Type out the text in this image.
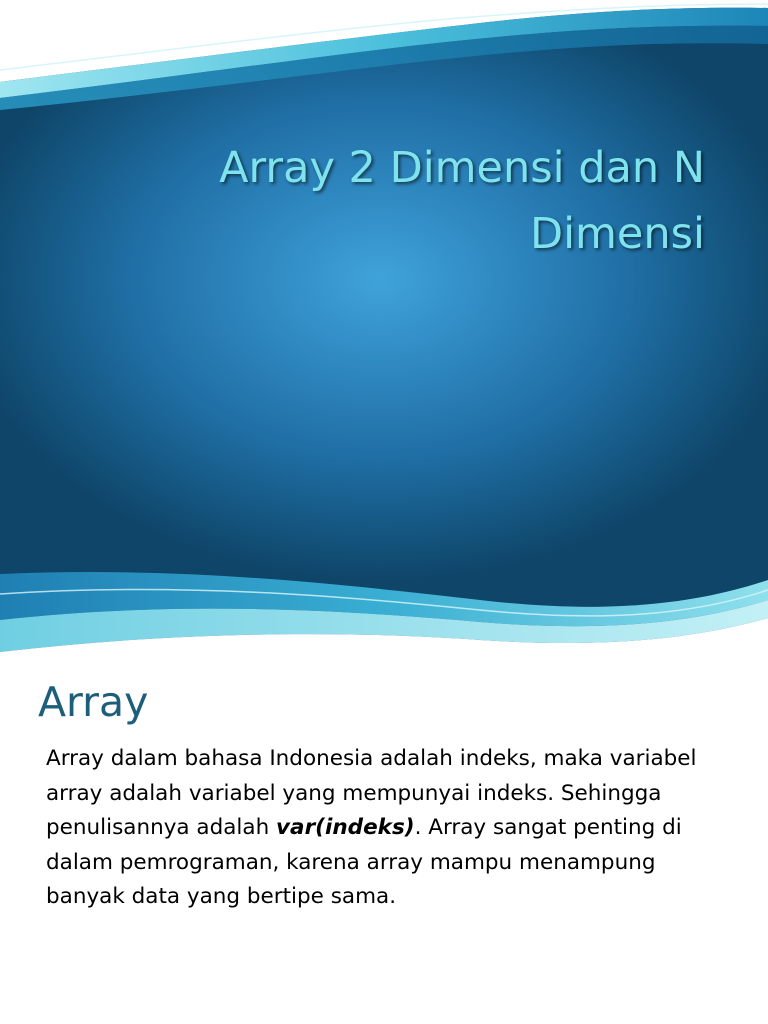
Array 2 Dimensi dan N
Dimensi
Array
Array dalam bahasa Indonesia adalah indeks, maka variabel array adalah variabel yang mempunyai indeks. Sehingga penulisannya adalah var(indeks). Array sangat penting di dalam pemrograman, karena array mampu menampung banyak data yang bertipe sama.
